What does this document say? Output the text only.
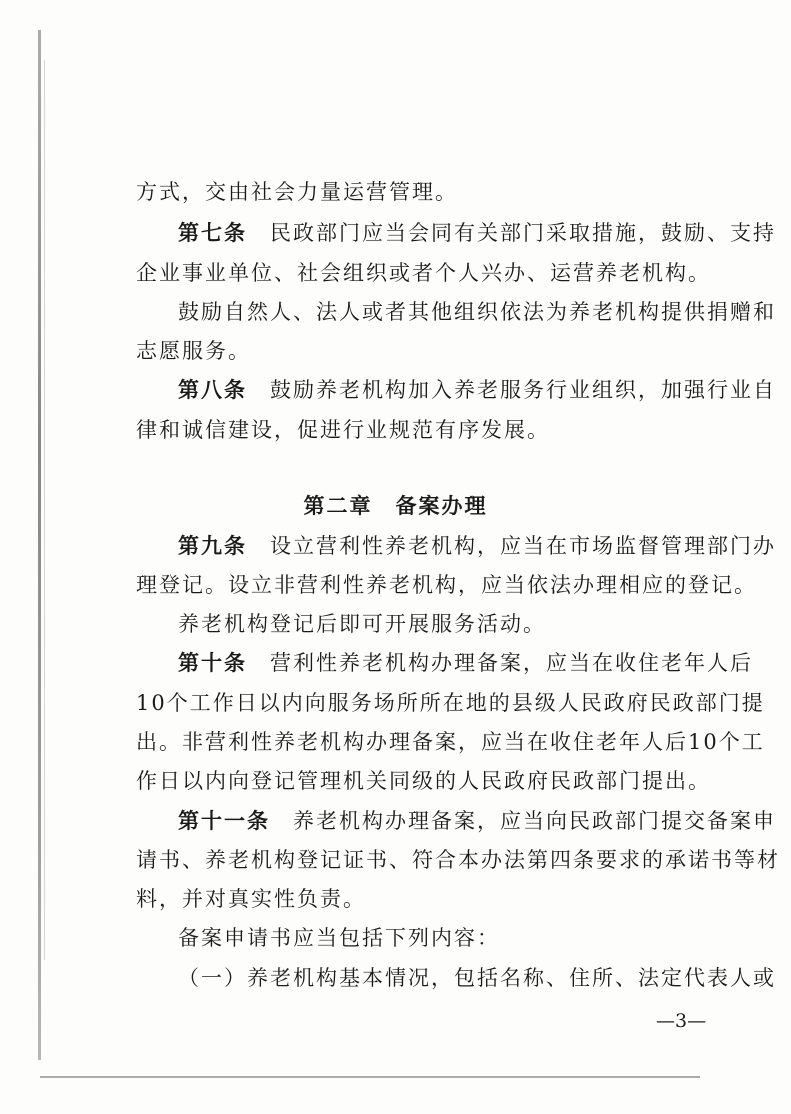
方式，交由社会力量运营管理。
第七条　民政部门应当会同有关部门采取措施，鼓励、支持
企业事业单位、社会组织或者个人兴办、运营养老机构。
鼓励自然人、法人或者其他组织依法为养老机构提供捐赠和
志愿服务。
第八条　鼓励养老机构加入养老服务行业组织，加强行业自
律和诚信建设，促进行业规范有序发展。
第二章　备案办理
第九条　设立营利性养老机构，应当在市场监督管理部门办
理登记。设立非营利性养老机构，应当依法办理相应的登记。
养老机构登记后即可开展服务活动。
第十条　营利性养老机构办理备案，应当在收住老年人后
10个工作日以内向服务场所所在地的县级人民政府民政部门提
出。非营利性养老机构办理备案，应当在收住老年人后10个工
作日以内向登记管理机关同级的人民政府民政部门提出。
第十一条　养老机构办理备案，应当向民政部门提交备案申
请书、养老机构登记证书、符合本办法第四条要求的承诺书等材
料，并对真实性负责。
备案申请书应当包括下列内容：
（一）养老机构基本情况，包括名称、住所、法定代表人或
—3—
